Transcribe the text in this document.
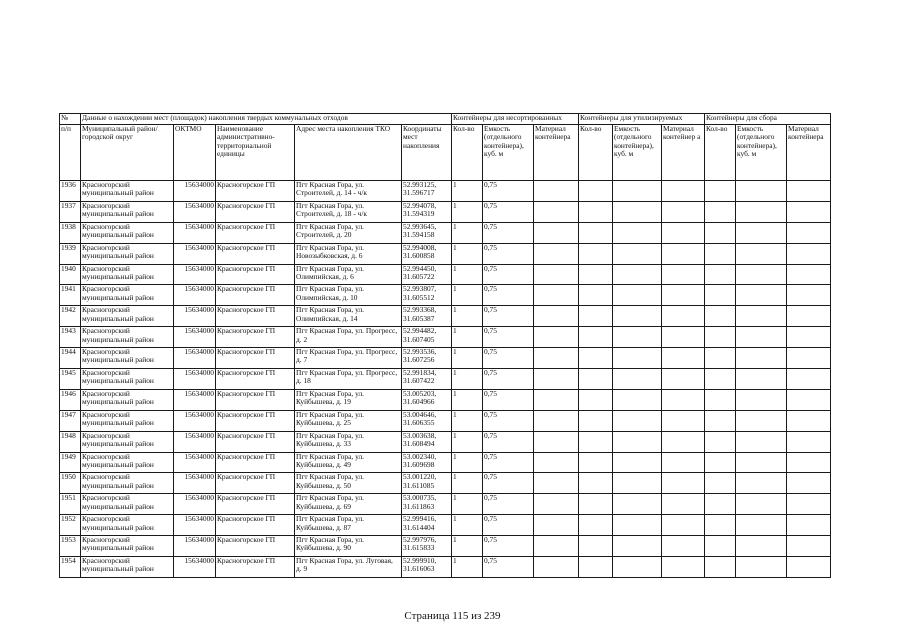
№	Данные о нахождении мест (площадок) накопления твердых коммунальных отходов					Контейнеры для несортированных			Контейнеры для утилизируемых			Контейнеры для сбора		
п/п	Муниципальный район/городской округ	ОКТМО	Наименование административно-территориальной единицы	Адрес места накопления ТКО	Координаты мест накопления	Кол-во	Емкость (отдельного контейнера), куб. м	Материал контейнера	Кол-во	Емкость (отдельного контейнера), куб. м	Материал контейнер а	Кол-во	Емкость (отдельного контейнера), куб. м	Материал контейнера
1936	Красногорский муниципальный район	15634000	Красногорское ГП	Пгт Красная Гора, ул. Строителей, д. 14 - ч/к	52.993125, 31.596717	1	0,75							
1937	Красногорский муниципальный район	15634000	Красногорское ГП	Пгт Красная Гора, ул. Строителей, д. 18 - ч/к	52.994078, 31.594319	1	0,75							
1938	Красногорский муниципальный район	15634000	Красногорское ГП	Пгт Красная Гора, ул. Строителей, д. 20	52.993645, 31.594158	1	0,75							
1939	Красногорский муниципальный район	15634000	Красногорское ГП	Пгт Красная Гора, ул. Новозыбковская, д. 6	52.994008, 31.600858	1	0,75							
1940	Красногорский муниципальный район	15634000	Красногорское ГП	Пгт Красная Гора, ул. Олимпийская, д. 6	52.994450, 31.605722	1	0,75							
1941	Красногорский муниципальный район	15634000	Красногорское ГП	Пгт Красная Гора, ул. Олимпийская, д. 10	52.993807, 31.605512	1	0,75							
1942	Красногорский муниципальный район	15634000	Красногорское ГП	Пгт Красная Гора, ул. Олимпийская, д. 14	52.993368, 31.605387	1	0,75							
1943	Красногорский муниципальный район	15634000	Красногорское ГП	Пгт Красная Гора, ул. Прогресс, д. 2	52.994482, 31.607405	1	0,75							
1944	Красногорский муниципальный район	15634000	Красногорское ГП	Пгт Красная Гора, ул. Прогресс, д. 7	52.993536, 31.607256	1	0,75							
1945	Красногорский муниципальный район	15634000	Красногорское ГП	Пгт Красная Гора, ул. Прогресс, д. 18	52.991834, 31.607422	1	0,75							
1946	Красногорский муниципальный район	15634000	Красногорское ГП	Пгт Красная Гора, ул. Куйбышева, д. 19	53.005203, 31.604966	1	0,75							
1947	Красногорский муниципальный район	15634000	Красногорское ГП	Пгт Красная Гора, ул. Куйбышева, д. 25	53.004646, 31.606355	1	0,75							
1948	Красногорский муниципальный район	15634000	Красногорское ГП	Пгт Красная Гора, ул. Куйбышева, д. 33	53.003638, 31.608494	1	0,75							
1949	Красногорский муниципальный район	15634000	Красногорское ГП	Пгт Красная Гора, ул. Куйбышева, д. 49	53.002340, 31.609698	1	0,75							
1950	Красногорский муниципальный район	15634000	Красногорское ГП	Пгт Красная Гора, ул. Куйбышева, д. 50	53.001220, 31.611085	1	0,75							
1951	Красногорский муниципальный район	15634000	Красногорское ГП	Пгт Красная Гора, ул. Куйбышева, д. 69	53.000735, 31.611863	1	0,75							
1952	Красногорский муниципальный район	15634000	Красногорское ГП	Пгт Красная Гора, ул. Куйбышева, д. 87	52.999416, 31.614404	1	0,75							
1953	Красногорский муниципальный район	15634000	Красногорское ГП	Пгт Красная Гора, ул. Куйбышева, д. 90	52.997976, 31.615833	1	0,75							
1954	Красногорский муниципальный район	15634000	Красногорское ГП	Пгт Красная Гора, ул. Луговая, д. 9	52.999910, 31.616063	1	0,75							
Страница 115 из 239
